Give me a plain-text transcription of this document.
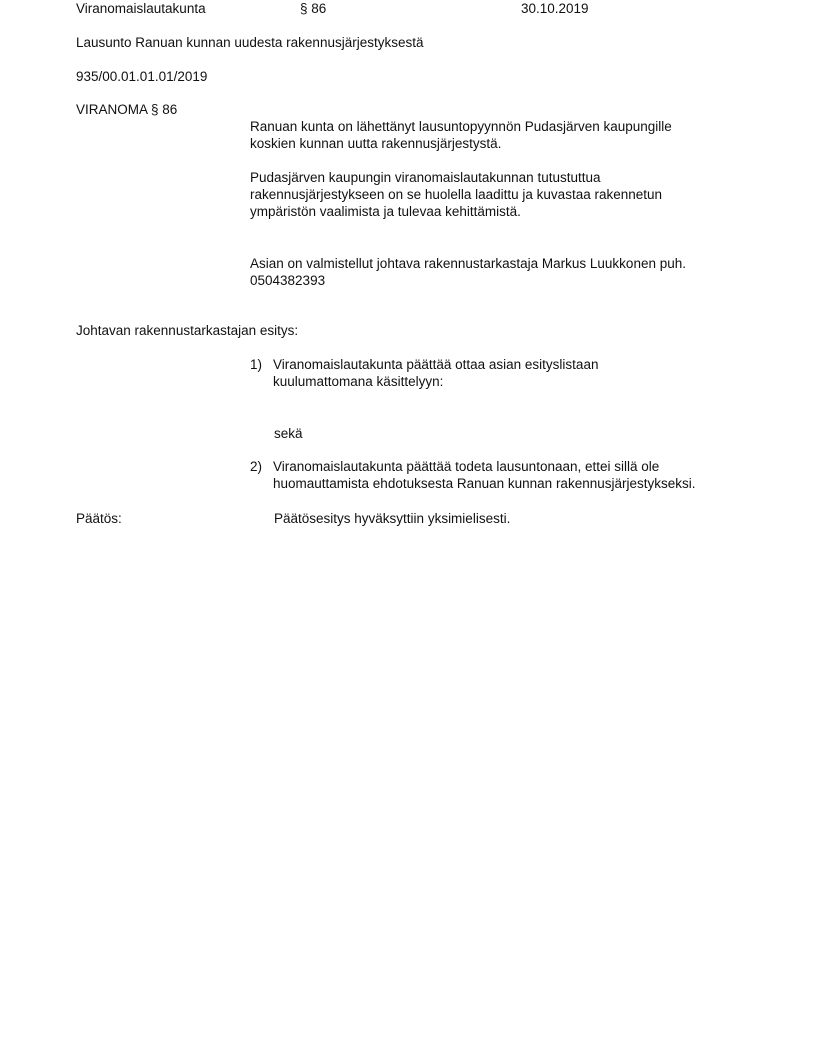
Viranomaislautakunta	§ 86	30.10.2019
Lausunto Ranuan kunnan uudesta rakennusjärjestyksestä
935/00.01.01.01/2019
VIRANOMA § 86
Ranuan kunta on lähettänyt lausuntopyynnön Pudasjärven kaupungille
koskien kunnan uutta rakennusjärjestystä.
Pudasjärven kaupungin viranomaislautakunnan tutustuttua
rakennusjärjestykseen on se huolella laadittu ja kuvastaa rakennetun
ympäristön vaalimista ja tulevaa kehittämistä.
Asian on valmistellut johtava rakennustarkastaja Markus Luukkonen puh.
0504382393
Johtavan rakennustarkastajan esitys:
1) Viranomaislautakunta päättää ottaa asian esityslistaan
kuulumattomana käsittelyyn:
sekä
2) Viranomaislautakunta päättää todeta lausuntonaan, ettei sillä ole
huomauttamista ehdotuksesta Ranuan kunnan rakennusjärjestykseksi.
Päätös:	Päätösesitys hyväksyttiin yksimielisesti.
